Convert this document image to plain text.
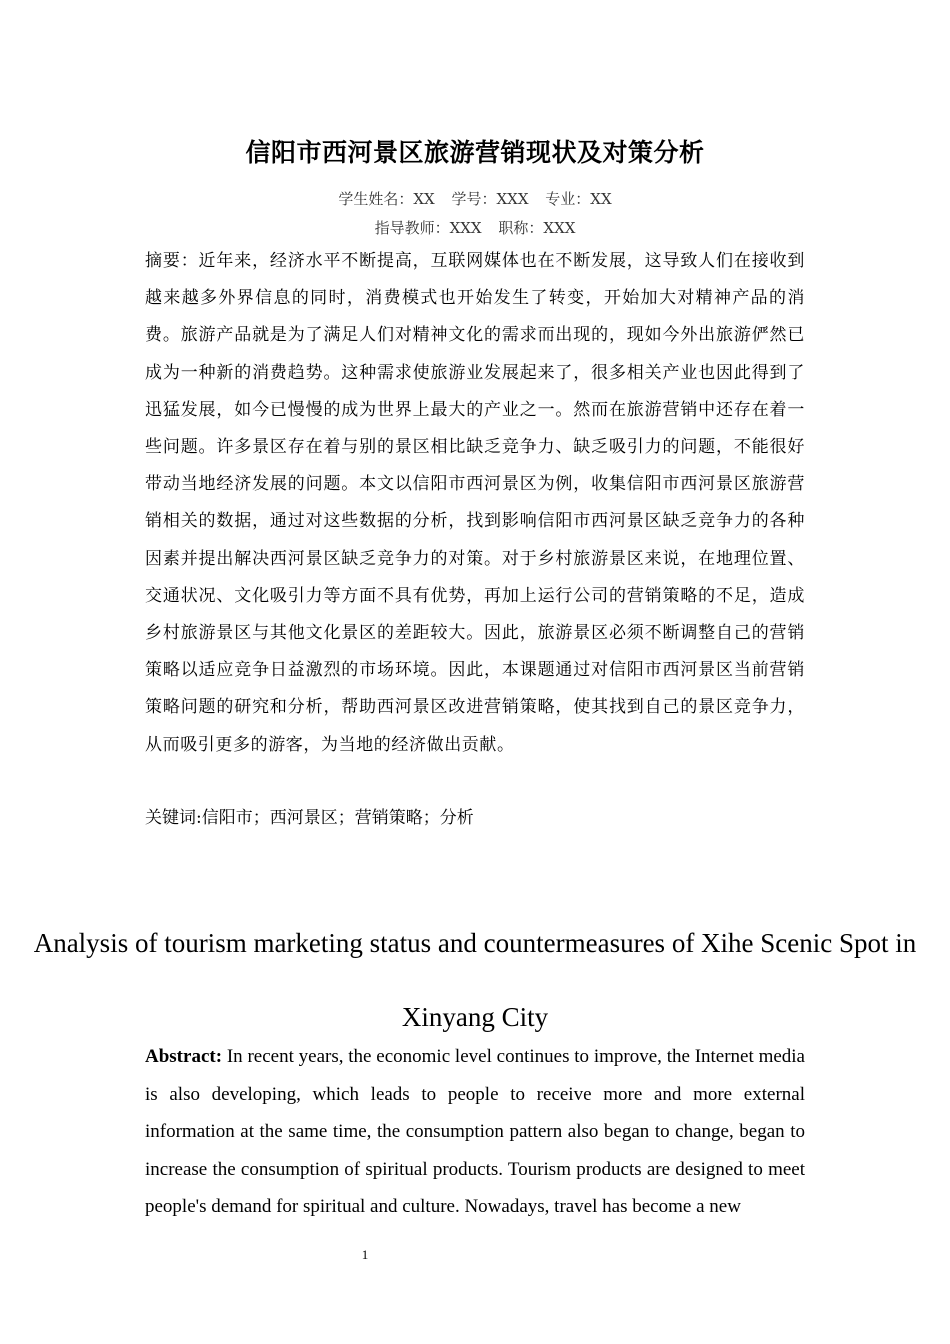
信阳市西河景区旅游营销现状及对策分析
学生姓名：XX 学号：XXX 专业：XX
指导教师：XXX 职称：XXX
摘要：近年来，经济水平不断提高，互联网媒体也在不断发展，这导致人们在接收到越来越多外界信息的同时，消费模式也开始发生了转变，开始加大对精神产品的消费。旅游产品就是为了满足人们对精神文化的需求而出现的，现如今外出旅游俨然已成为一种新的消费趋势。这种需求使旅游业发展起来了，很多相关产业也因此得到了迅猛发展，如今已慢慢的成为世界上最大的产业之一。然而在旅游营销中还存在着一些问题。许多景区存在着与别的景区相比缺乏竞争力、缺乏吸引力的问题，不能很好带动当地经济发展的问题。本文以信阳市西河景区为例，收集信阳市西河景区旅游营销相关的数据，通过对这些数据的分析，找到影响信阳市西河景区缺乏竞争力的各种因素并提出解决西河景区缺乏竞争力的对策。对于乡村旅游景区来说，在地理位置、交通状况、文化吸引力等方面不具有优势，再加上运行公司的营销策略的不足，造成乡村旅游景区与其他文化景区的差距较大。因此，旅游景区必须不断调整自己的营销策略以适应竞争日益激烈的市场环境。因此，本课题通过对信阳市西河景区当前营销策略问题的研究和分析，帮助西河景区改进营销策略，使其找到自己的景区竞争力，从而吸引更多的游客，为当地的经济做出贡献。
关键词:信阳市；西河景区；营销策略；分析
Analysis of tourism marketing status and countermeasures of Xihe Scenic Spot in Xinyang City
Abstract: In recent years, the economic level continues to improve, the Internet media is also developing, which leads to people to receive more and more external information at the same time, the consumption pattern also began to change, began to increase the consumption of spiritual products. Tourism products are designed to meet people's demand for spiritual and culture. Nowadays, travel has become a new
1
